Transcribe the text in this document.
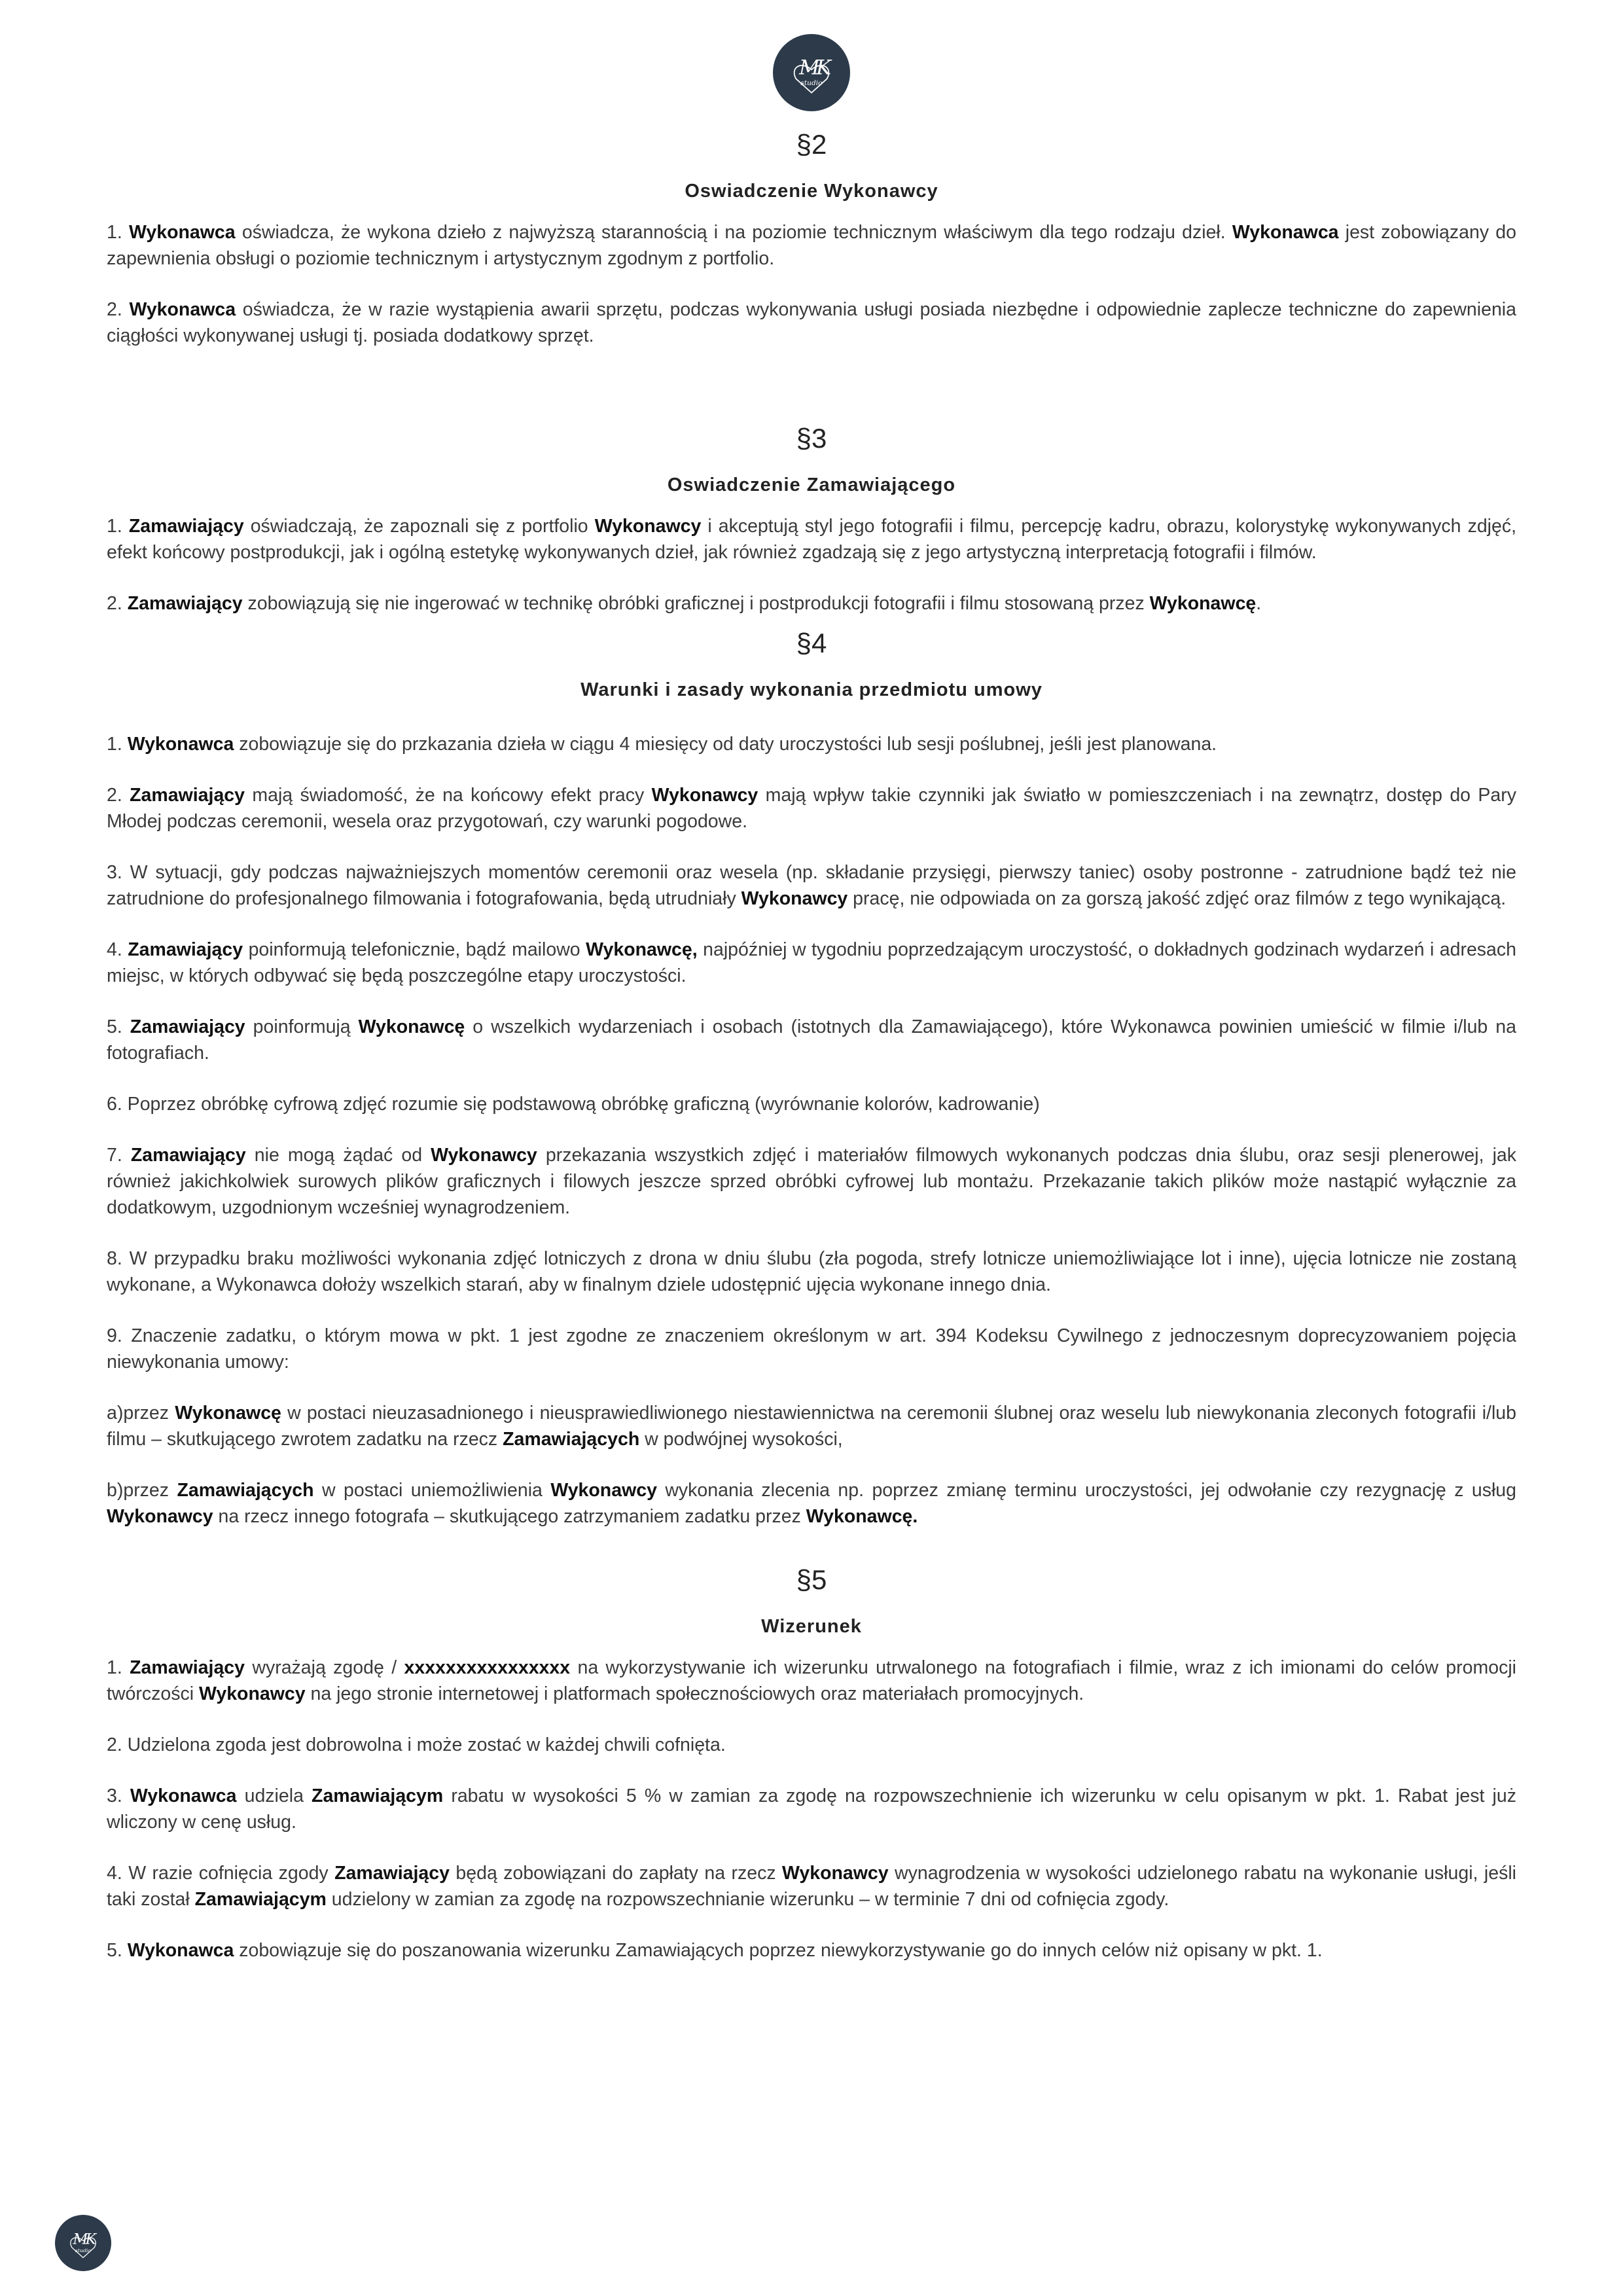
M
K
studio
§2
Oswiadczenie Wykonawcy

1. Wykonawca oświadcza, że wykona dzieło z najwyższą starannością i na poziomie technicznym właściwym dla tego rodzaju dzieł. Wykonawca jest zobowiązany do zapewnienia obsługi o poziomie technicznym i artystycznym zgodnym z portfolio.

2. Wykonawca oświadcza, że w razie wystąpienia awarii sprzętu, podczas wykonywania usługi posiada niezbędne i odpowiednie zaplecze techniczne do zapewnienia ciągłości wykonywanej usługi tj. posiada dodatkowy sprzęt.

§3
Oswiadczenie Zamawiającego

1. Zamawiający oświadczają, że zapoznali się z portfolio Wykonawcy i akceptują styl jego fotografii i filmu, percepcję kadru, obrazu, kolorystykę wykonywanych zdjęć, efekt końcowy postprodukcji, jak i ogólną estetykę wykonywanych dzieł, jak również zgadzają się z jego artystyczną interpretacją fotografii i filmów.

2. Zamawiający zobowiązują się nie ingerować w technikę obróbki graficznej i postprodukcji fotografii i filmu stosowaną przez Wykonawcę.

§4
Warunki i zasady wykonania przedmiotu umowy

1. Wykonawca zobowiązuje się do przkazania dzieła w ciągu 4 miesięcy od daty uroczystości lub sesji poślubnej, jeśli jest planowana.

2. Zamawiający mają świadomość, że na końcowy efekt pracy Wykonawcy mają wpływ takie czynniki jak światło w pomieszczeniach i na zewnątrz, dostęp do Pary Młodej podczas ceremonii, wesela oraz przygotowań, czy warunki pogodowe.

3. W sytuacji, gdy podczas najważniejszych momentów ceremonii oraz wesela (np. składanie przysięgi, pierwszy taniec) osoby postronne - zatrudnione bądź też nie zatrudnione do profesjonalnego filmowania i fotografowania, będą utrudniały Wykonawcy pracę, nie odpowiada on za gorszą jakość zdjęć oraz filmów z tego wynikającą.

4. Zamawiający poinformują telefonicznie, bądź mailowo Wykonawcę, najpóźniej w tygodniu poprzedzającym uroczystość, o dokładnych godzinach wydarzeń i adresach miejsc, w których odbywać się będą poszczególne etapy uroczystości.

5. Zamawiający poinformują Wykonawcę o wszelkich wydarzeniach i osobach (istotnych dla Zamawiającego), które Wykonawca powinien umieścić w filmie i/lub na fotografiach.

6. Poprzez obróbkę cyfrową zdjęć rozumie się podstawową obróbkę graficzną (wyrównanie kolorów, kadrowanie)

7. Zamawiający nie mogą żądać od Wykonawcy przekazania wszystkich zdjęć i materiałów filmowych wykonanych podczas dnia ślubu, oraz sesji plenerowej, jak również jakichkolwiek surowych plików graficznych i filowych jeszcze sprzed obróbki cyfrowej lub montażu. Przekazanie takich plików może nastąpić wyłącznie za dodatkowym, uzgodnionym wcześniej wynagrodzeniem.

8. W przypadku braku możliwości wykonania zdjęć lotniczych z drona w dniu ślubu (zła pogoda, strefy lotnicze uniemożliwiające lot i inne), ujęcia lotnicze nie zostaną wykonane, a Wykonawca dołoży wszelkich starań, aby w finalnym dziele udostępnić ujęcia wykonane innego dnia.

9. Znaczenie zadatku, o którym mowa w pkt. 1 jest zgodne ze znaczeniem określonym w art. 394 Kodeksu Cywilnego z jednoczesnym doprecyzowaniem pojęcia niewykonania umowy:

a)przez Wykonawcę w postaci nieuzasadnionego i nieusprawiedliwionego niestawiennictwa na ceremonii ślubnej oraz weselu lub niewykonania zleconych fotografii i/lub filmu – skutkującego zwrotem zadatku na rzecz Zamawiających w podwójnej wysokości,

b)przez Zamawiających w postaci uniemożliwienia Wykonawcy wykonania zlecenia np. poprzez zmianę terminu uroczystości, jej odwołanie czy rezygnację z usług Wykonawcy na rzecz innego fotografa – skutkującego zatrzymaniem zadatku przez Wykonawcę.

§5
Wizerunek

1. Zamawiający wyrażają zgodę / xxxxxxxxxxxxxxxx na wykorzystywanie ich wizerunku utrwalonego na fotografiach i filmie, wraz z ich imionami do celów promocji twórczości Wykonawcy na jego stronie internetowej i platformach społecznościowych oraz materiałach promocyjnych.

2. Udzielona zgoda jest dobrowolna i może zostać w każdej chwili cofnięta.

3. Wykonawca udziela Zamawiającym rabatu w wysokości 5 % w zamian za zgodę na rozpowszechnienie ich wizerunku w celu opisanym w pkt. 1. Rabat jest już wliczony w cenę usług.

4. W razie cofnięcia zgody Zamawiający będą zobowiązani do zapłaty na rzecz Wykonawcy wynagrodzenia w wysokości udzielonego rabatu na wykonanie usługi, jeśli taki został Zamawiającym udzielony w zamian za zgodę na rozpowszechnianie wizerunku – w terminie 7 dni od cofnięcia zgody.

5. Wykonawca zobowiązuje się do poszanowania wizerunku Zamawiających poprzez niewykorzystywanie go do innych celów niż opisany w pkt. 1.

M
K
studio
